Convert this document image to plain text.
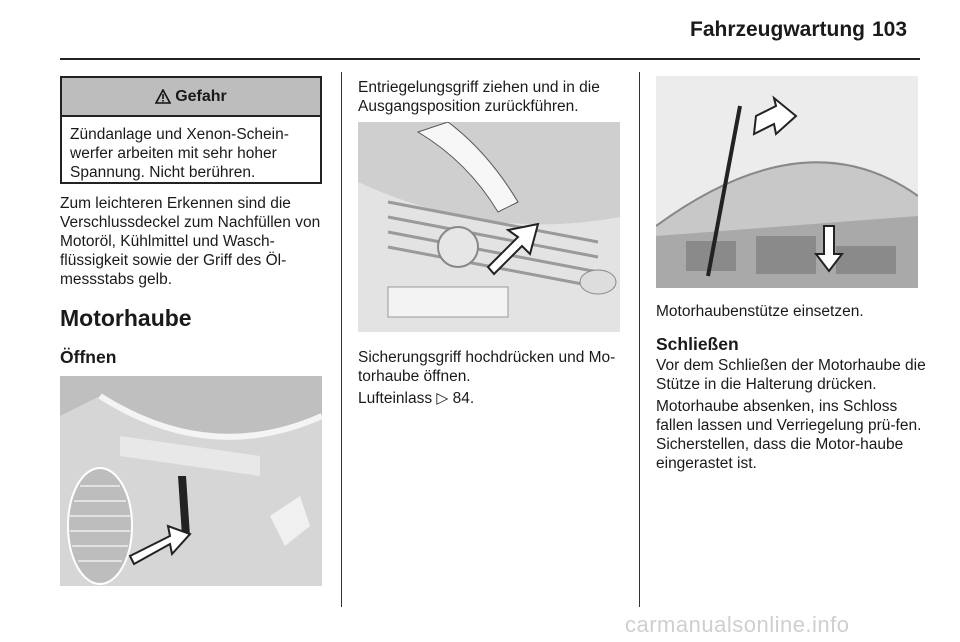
Fahrzeugwartung 103
Gefahr
Zündanlage und Xenon-Schein-werfer arbeiten mit sehr hoher Spannung. Nicht berühren.

Zum leichteren Erkennen sind die Verschlussdeckel zum Nachfüllen von Motoröl, Kühlmittel und Wasch-flüssigkeit sowie der Griff des Öl-messstabs gelb.

Motorhaube
Öffnen

Entriegelungsgriff ziehen und in die Ausgangsposition zurückführen.

Sicherungsgriff hochdrücken und Mo-torhaube öffnen.

Lufteinlass ▷ 84.

Motorhaubenstütze einsetzen.

Schließen

Vor dem Schließen der Motorhaube die Stütze in die Halterung drücken.

Motorhaube absenken, ins Schloss fallen lassen und Verriegelung prü-fen. Sicherstellen, dass die Motor-haube eingerastet ist.

carmanualsonline.info
